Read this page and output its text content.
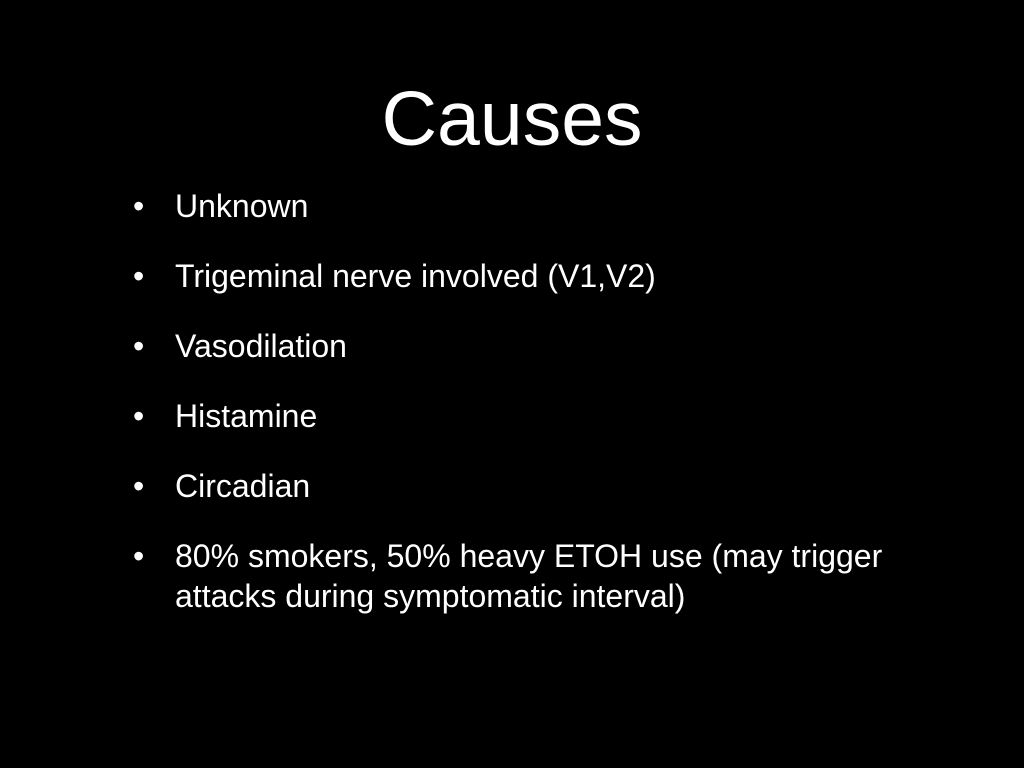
Causes
• Unknown
• Trigeminal nerve involved (V1,V2)
• Vasodilation
• Histamine
• Circadian
• 80% smokers, 50% heavy ETOH use (may trigger attacks during symptomatic interval)
